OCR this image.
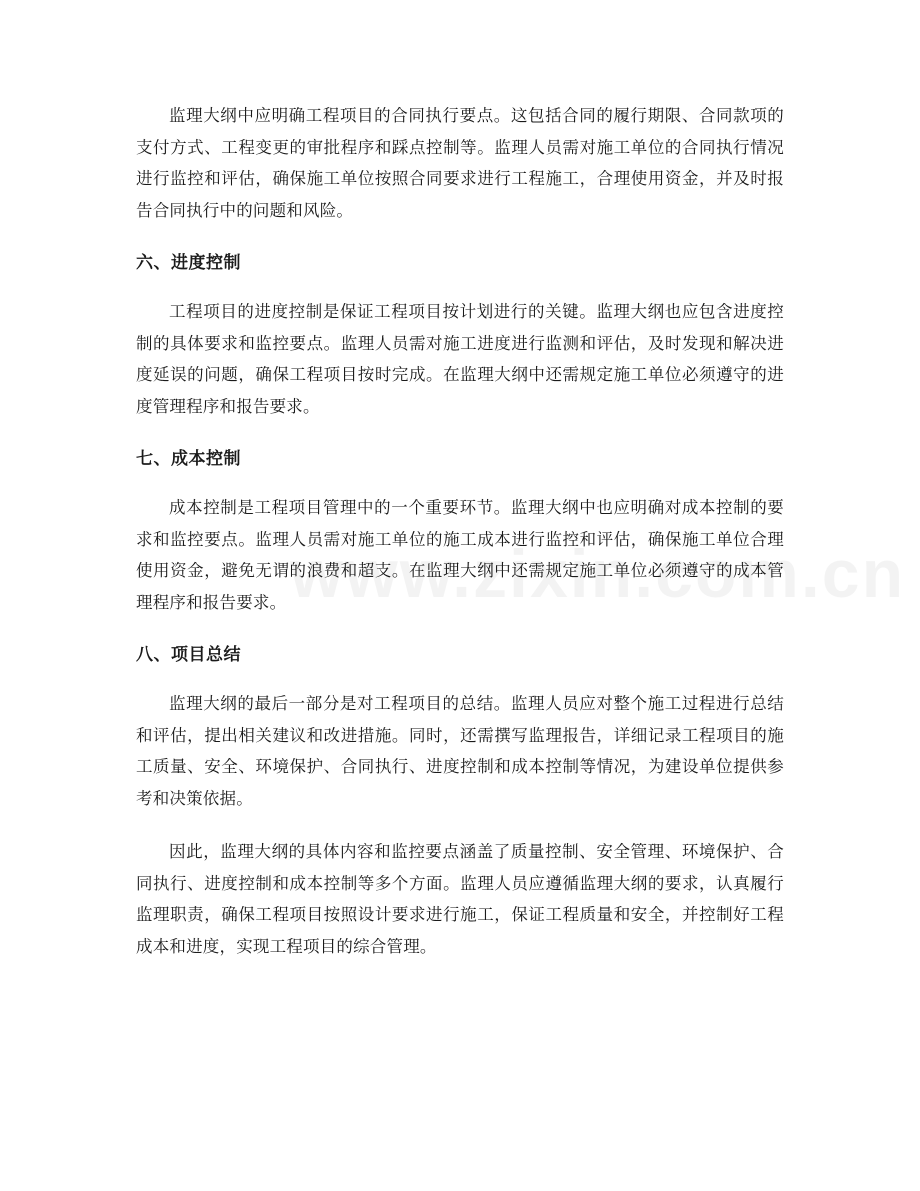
监理大纲中应明确工程项目的合同执行要点。这包括合同的履行期限、合同款项的支付方式、工程变更的审批程序和踩点控制等。监理人员需对施工单位的合同执行情况进行监控和评估，确保施工单位按照合同要求进行工程施工，合理使用资金，并及时报告合同执行中的问题和风险。

六、进度控制

工程项目的进度控制是保证工程项目按计划进行的关键。监理大纲也应包含进度控制的具体要求和监控要点。监理人员需对施工进度进行监测和评估，及时发现和解决进度延误的问题，确保工程项目按时完成。在监理大纲中还需规定施工单位必须遵守的进度管理程序和报告要求。

七、成本控制

成本控制是工程项目管理中的一个重要环节。监理大纲中也应明确对成本控制的要求和监控要点。监理人员需对施工单位的施工成本进行监控和评估，确保施工单位合理使用资金，避免无谓的浪费和超支。在监理大纲中还需规定施工单位必须遵守的成本管理程序和报告要求。

八、项目总结

监理大纲的最后一部分是对工程项目的总结。监理人员应对整个施工过程进行总结和评估，提出相关建议和改进措施。同时，还需撰写监理报告，详细记录工程项目的施工质量、安全、环境保护、合同执行、进度控制和成本控制等情况，为建设单位提供参考和决策依据。

因此，监理大纲的具体内容和监控要点涵盖了质量控制、安全管理、环境保护、合同执行、进度控制和成本控制等多个方面。监理人员应遵循监理大纲的要求，认真履行监理职责，确保工程项目按照设计要求进行施工，保证工程质量和安全，并控制好工程成本和进度，实现工程项目的综合管理。
